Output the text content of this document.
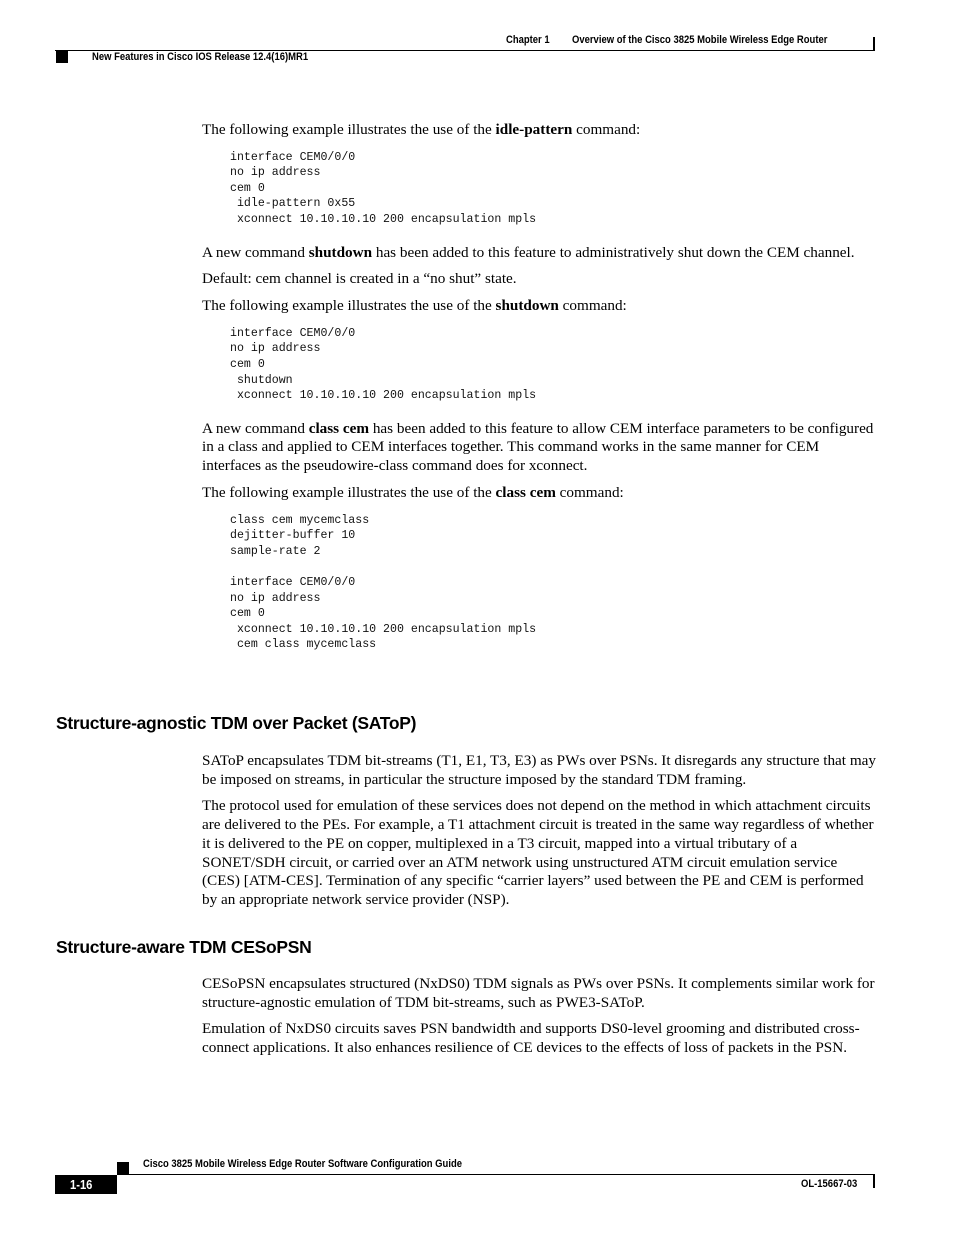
Chapter 1 Overview of the Cisco 3825 Mobile Wireless Edge Router
New Features in Cisco IOS Release 12.4(16)MR1

The following example illustrates the use of the idle-pattern command:

interface CEM0/0/0
no ip address
cem 0
idle-pattern 0x55
xconnect 10.10.10.10 200 encapsulation mpls

A new command shutdown has been added to this feature to administratively shut down the CEM channel.

Default: cem channel is created in a “no shut” state.

The following example illustrates the use of the shutdown command:

interface CEM0/0/0
no ip address
cem 0
shutdown
xconnect 10.10.10.10 200 encapsulation mpls

A new command class cem has been added to this feature to allow CEM interface parameters to be configured in a class and applied to CEM interfaces together. This command works in the same manner for CEM interfaces as the pseudowire-class command does for xconnect.

The following example illustrates the use of the class cem command:

class cem mycemclass
dejitter-buffer 10
sample-rate 2

interface CEM0/0/0
no ip address
cem 0
xconnect 10.10.10.10 200 encapsulation mpls
cem class mycemclass
Structure-agnostic TDM over Packet (SAToP)

SAToP encapsulates TDM bit-streams (T1, E1, T3, E3) as PWs over PSNs. It disregards any structure that may be imposed on streams, in particular the structure imposed by the standard TDM framing.

The protocol used for emulation of these services does not depend on the method in which attachment circuits are delivered to the PEs. For example, a T1 attachment circuit is treated in the same way regardless of whether it is delivered to the PE on copper, multiplexed in a T3 circuit, mapped into a virtual tributary of a SONET/SDH circuit, or carried over an ATM network using unstructured ATM circuit emulation service (CES) [ATM-CES]. Termination of any specific “carrier layers” used between the PE and CEM is performed by an appropriate network service provider (NSP).

Structure-aware TDM CESoPSN

CESoPSN encapsulates structured (NxDS0) TDM signals as PWs over PSNs. It complements similar work for structure-agnostic emulation of TDM bit-streams, such as PWE3-SAToP.

Emulation of NxDS0 circuits saves PSN bandwidth and supports DS0-level grooming and distributed cross-connect applications. It also enhances resilience of CE devices to the effects of loss of packets in the PSN.

Cisco 3825 Mobile Wireless Edge Router Software Configuration Guide
1-16	OL-15667-03
